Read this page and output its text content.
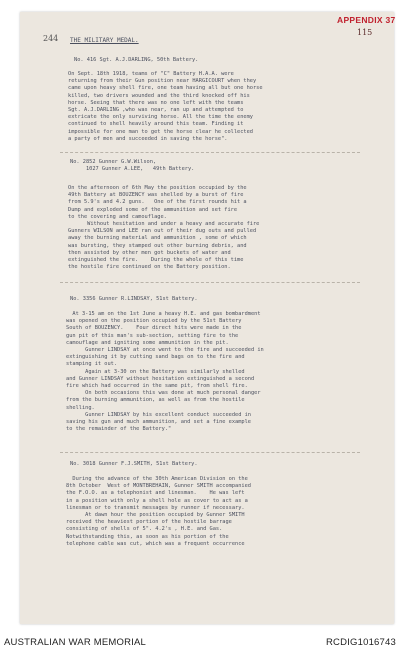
APPENDIX 37
115
244 THE MILITARY MEDAL.
No. 416 Sgt. A.J.DARLING, 50th Battery.
On Sept. 18th 1918, teams of "C" Battery H.A.A. were
returning from their Gun position near HARGICOURT when they
came upon heavy shell fire, one team having all but one horse
killed, two drivers wounded and the third knocked off his
horse. Seeing that there was no one left with the teams
Sgt. A.J.DARLING ,who was near, ran up and attempted to
extricate the only surviving horse. All the time the enemy
continued to shell heavily around this team. Finding it
impossible for one man to get the horse clear he collected
a party of men and succeeded in saving the horse".
No. 2852 Gunner G.W.Wilson,
1027 Gunner A.LEE,   49th Battery.
On the afternoon of 6th May the position occupied by the
49th Battery at BOUZENCY was shelled by a burst of fire
from 5.9's and 4.2 guns.   One of the first rounds hit a
Dump and exploded some of the ammunition and set fire
to the covering and camouflage.
Without hesitation and under a heavy and accurate fire
Gunners WILSON and LEE ran out of their dug outs and pulled
away the burning material and ammunition , some of which
was bursting, they stamped out other burning debris, and
then assisted by other men got buckets of water and
extinguished the fire.    During the whole of this time
the hostile fire continued on the Battery position.
No. 3356 Gunner R.LINDSAY, 51st Battery.
At 3-15 am on the 1st June a heavy H.E. and gas bombardment
was opened on the position occupied by the 51st Battery
South of BOUZENCY.    Four direct hits were made in the
gun pit of this man's sub-section, setting fire to the
camouflage and igniting some ammunition in the pit.
Gunner LINDSAY at once went to the fire and succeeded in
extinguishing it by cutting sand bags on to the fire and
stamping it out.
Again at 3-30 on the Battery was similarly shelled
and Gunner LINDSAY without hesitation extinguished a second
fire which had occurred in the same pit, from shell fire.
On both occasions this was done at much personal danger
from the burning ammunition, as well as from the hostile
shelling.
Gunner LINDSAY by his excellent conduct succeeded in
saving his gun and much ammunition, and set a fine example
to the remainder of the Battery."
No. 3018 Gunner F.J.SMITH, 51st Battery.
During the advance of the 30th American Division on the
8th October  West of MONTBREHAIN, Gunner SMITH accompanied
the F.O.O. as a telephonist and linesman.    He was left
in a position with only a shell hole as cover to act as a
linesman or to transmit messages by runner if necessary.
At dawn hour the position occupied by Gunner SMITH
received the heaviest portion of the hostile barrage
consisting of shells of 5". 4.2's , H.E. and Gas.
Notwithstanding this, as soon as his portion of the
telephone cable was cut, which was a frequent occurrence
AUSTRALIAN WAR MEMORIAL	RCDIG1016743
